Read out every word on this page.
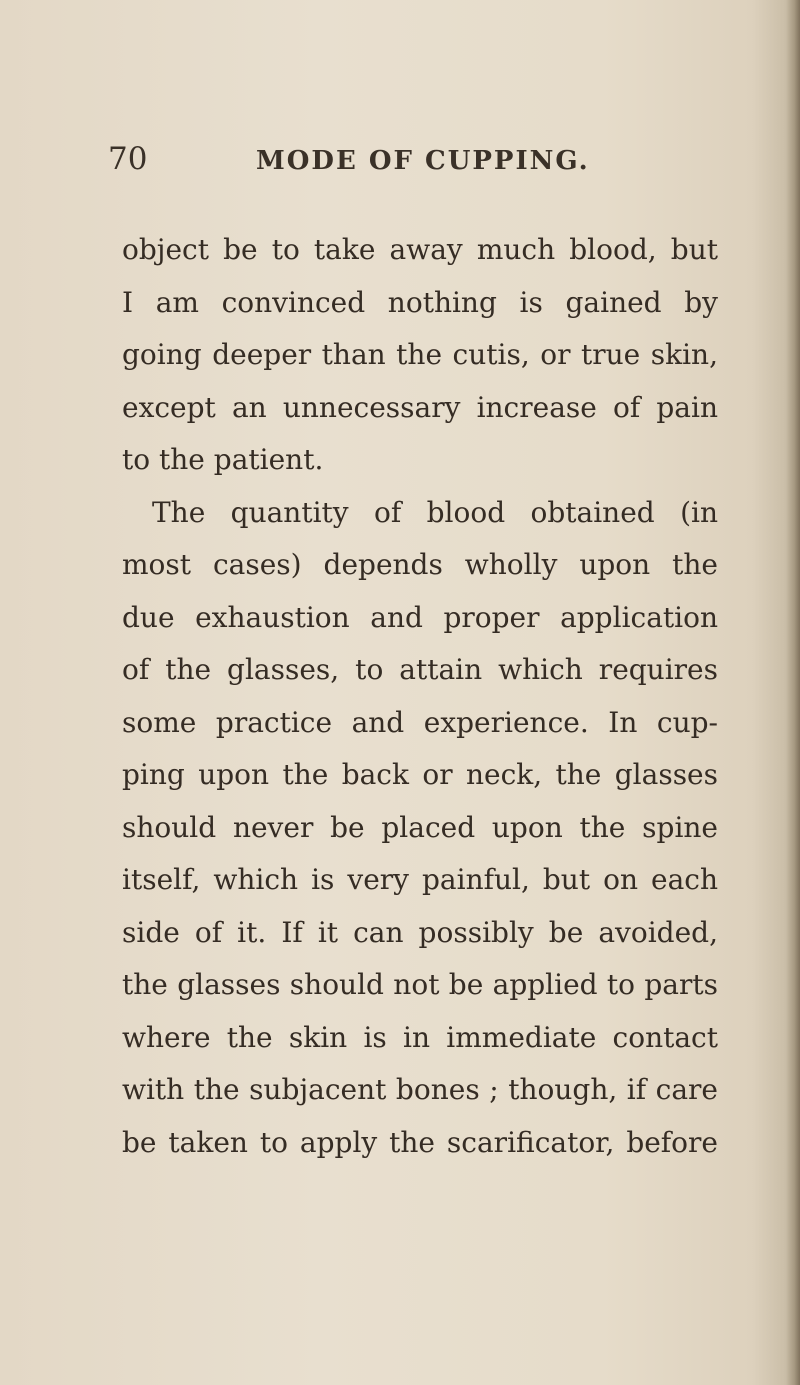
70	MODE OF CUPPING.
object be to take away much blood, but
I am convinced nothing is gained by
going deeper than the cutis, or true skin,
except an unnecessary increase of pain
to the patient.
The quantity of blood obtained (in
most cases) depends wholly upon the
due exhaustion and proper application
of the glasses, to attain which requires
some practice and experience. In cup-
ping upon the back or neck, the glasses
should never be placed upon the spine
itself, which is very painful, but on each
side of it. If it can possibly be avoided,
the glasses should not be applied to parts
where the skin is in immediate contact
with the subjacent bones ; though, if care
be taken to apply the scarificator, before
